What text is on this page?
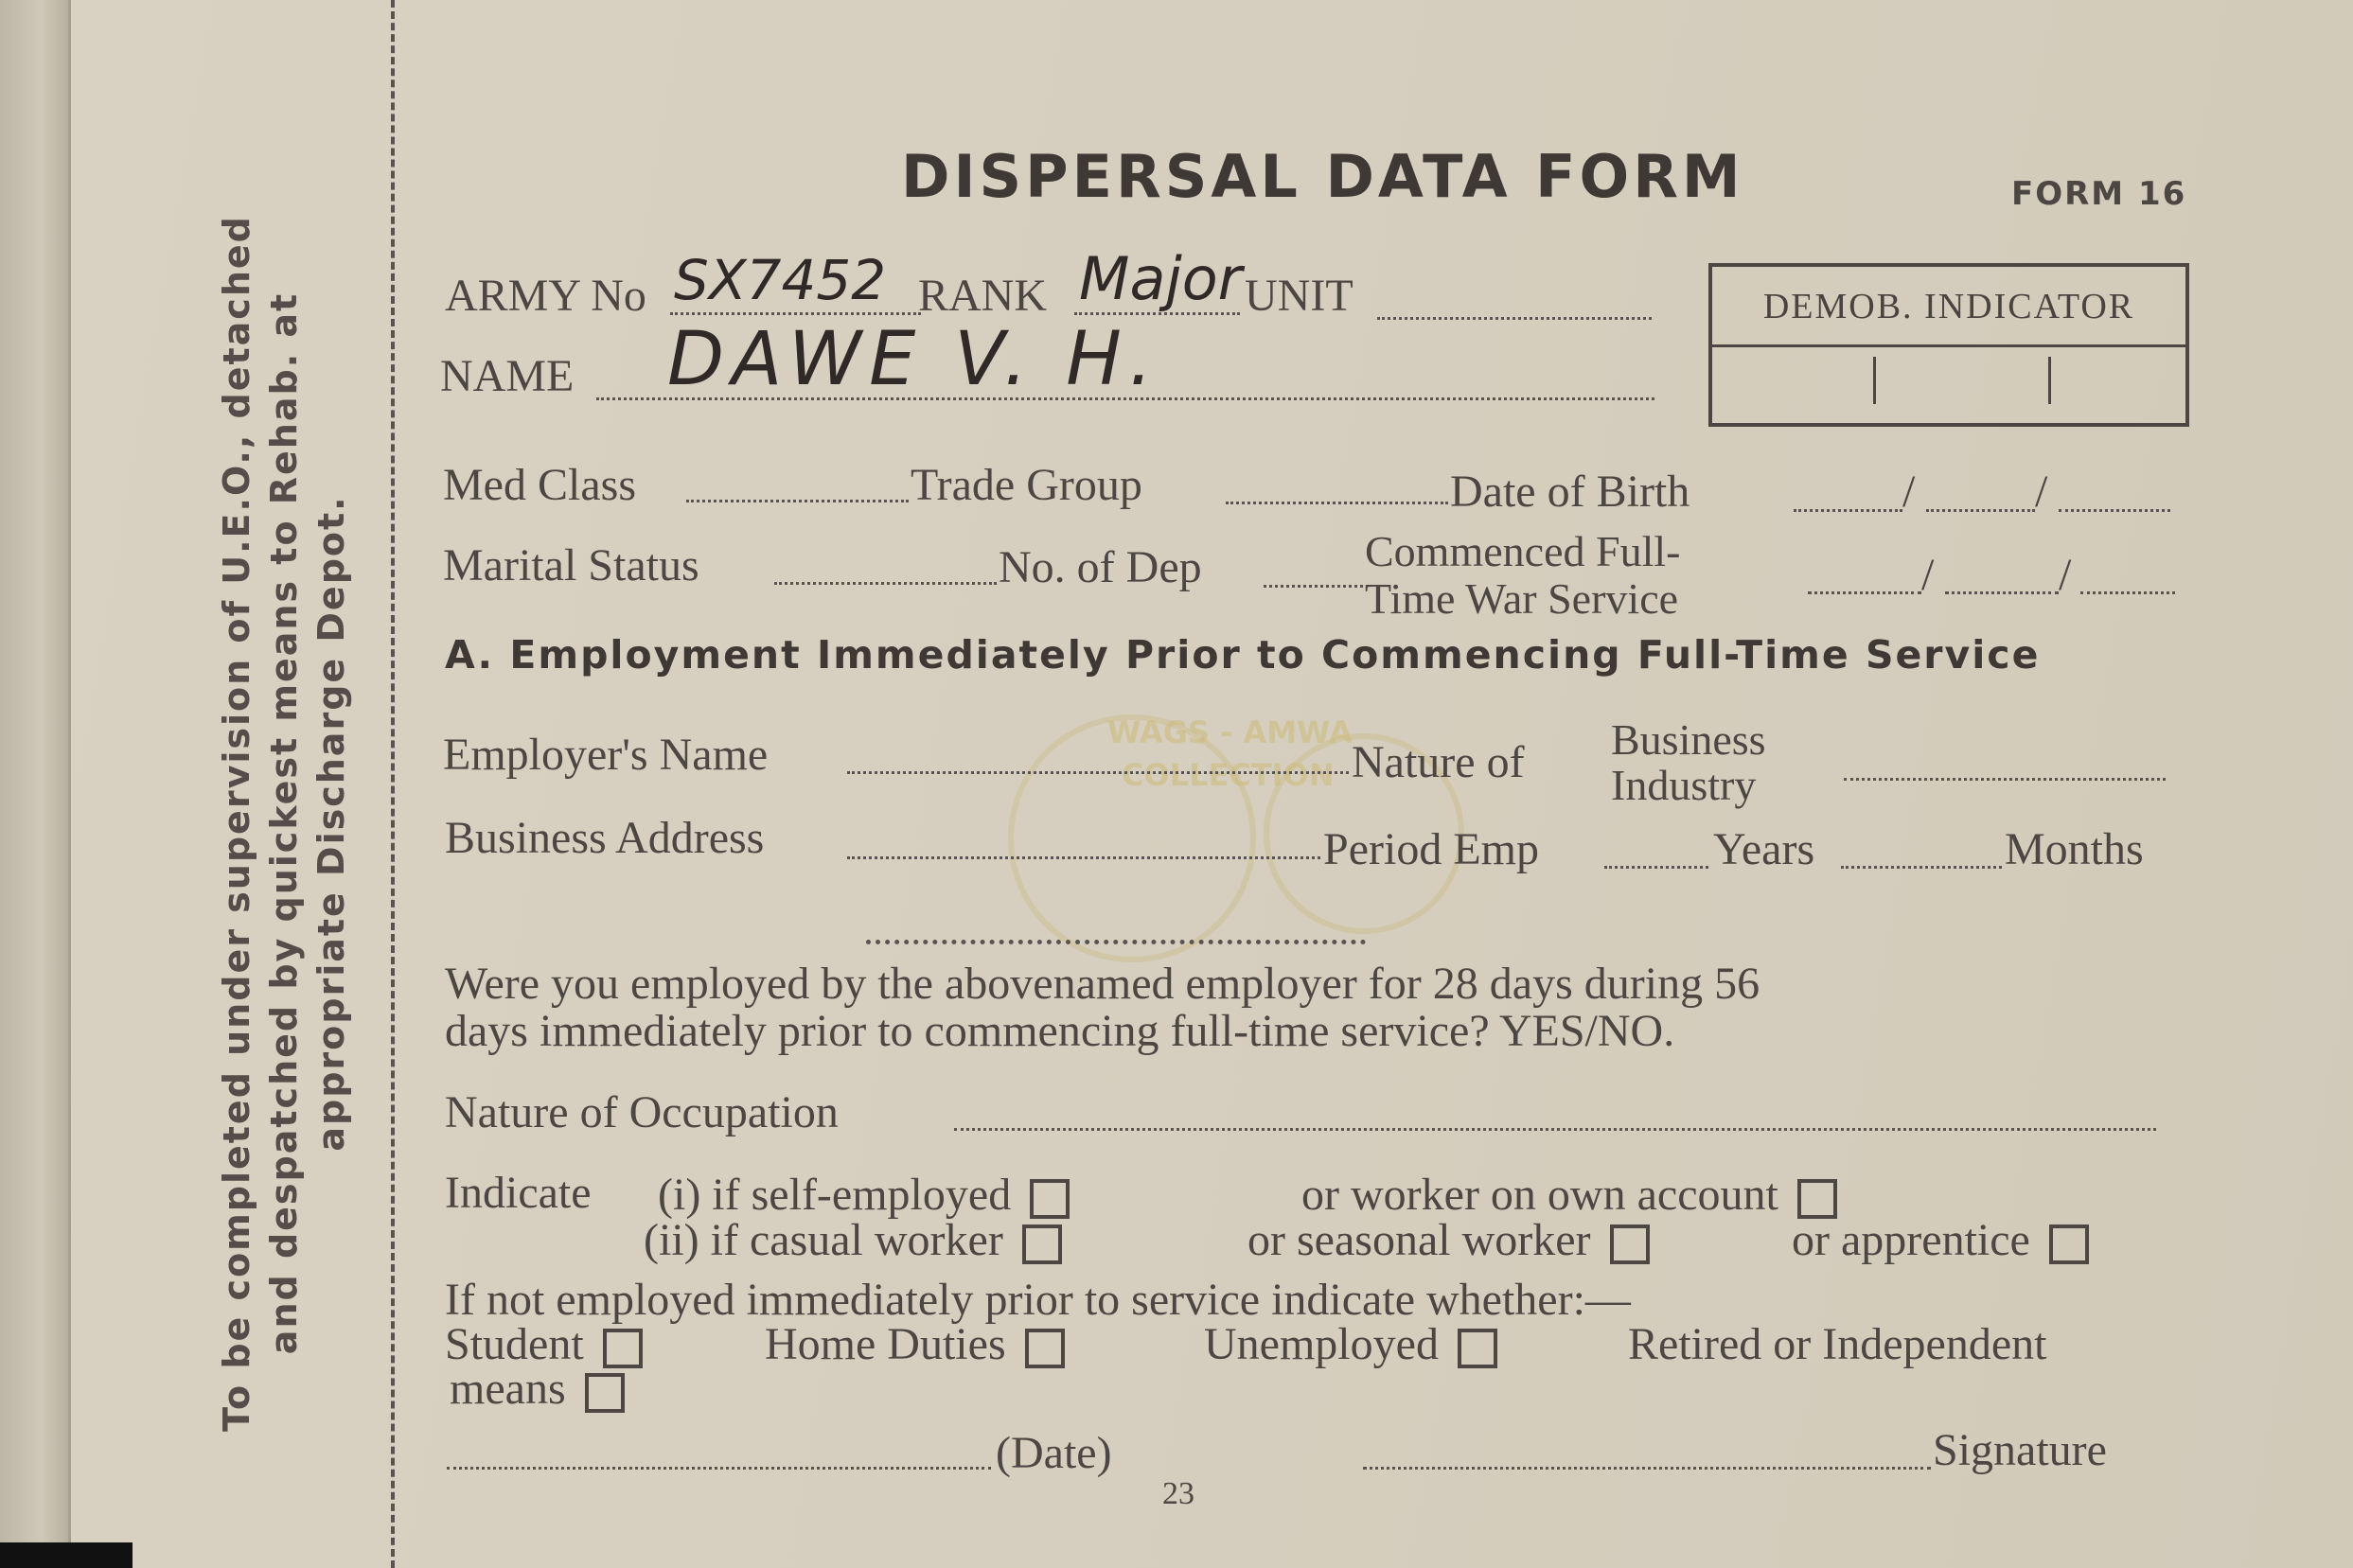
To be completed under supervision of U.E.O., detached and despatched by quickest means to Rehab. at appropriate Discharge Depot.
DISPERSAL DATA FORM	FORM 16
DEMOB. INDICATOR
ARMY No SX7452 RANK Major UNIT
NAME DAWE V. H.
Med Class	Trade Group	Date of Birth	/	/
Marital Status	No. of Dep	Commenced Full-
Time War Service	/	/
A. Employment Immediately Prior to Commencing Full-Time Service
WAGS - AMWA
COLLECTION
Employer's Name	Nature of Business
Industry
Business Address	Period Emp	Years	Months
Were you employed by the abovenamed employer for 28 days during 56
days immediately prior to commencing full-time service? YES/NO.
Nature of Occupation
Indicate (i) if self-employed	or worker on own account
(ii) if casual worker	or seasonal worker	or apprentice
If not employed immediately prior to service indicate whether:—
Student	Home Duties	Unemployed	Retired or Independent
means
(Date)	Signature
23
